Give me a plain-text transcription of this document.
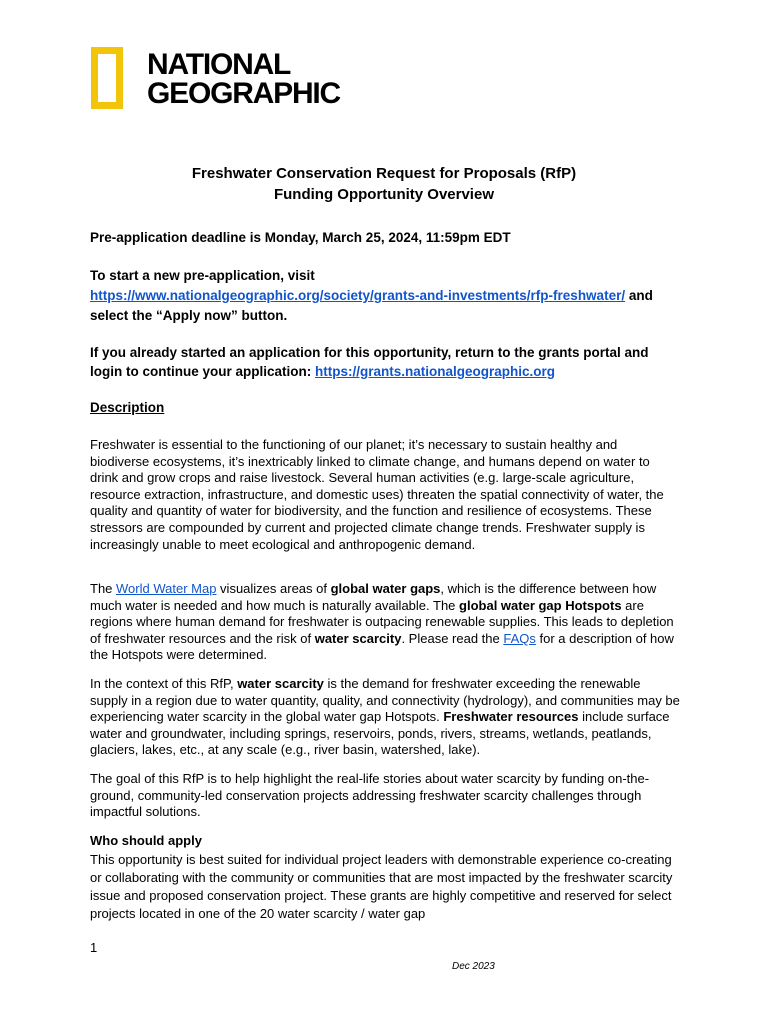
NATIONAL
GEOGRAPHIC
Freshwater Conservation Request for Proposals (RfP)
Funding Opportunity Overview
Pre-application deadline is Monday, March 25, 2024, 11:59pm EDT
To start a new pre-application, visit
https://www.nationalgeographic.org/society/grants-and-investments/rfp-freshwater/ and
select the “Apply now” button.
If you already started an application for this opportunity, return to the grants portal and login to continue your application: https://grants.nationalgeographic.org
Description
Freshwater is essential to the functioning of our planet; it’s necessary to sustain healthy and biodiverse ecosystems, it’s inextricably linked to climate change, and humans depend on water to drink and grow crops and raise livestock. Several human activities (e.g. large-scale agriculture, resource extraction, infrastructure, and domestic uses) threaten the spatial connectivity of water, the quality and quantity of water for biodiversity, and the function and resilience of ecosystems. These stressors are compounded by current and projected climate change trends. Freshwater supply is increasingly unable to meet ecological and anthropogenic demand.
The World Water Map visualizes areas of global water gaps, which is the difference between how much water is needed and how much is naturally available. The global water gap Hotspots are regions where human demand for freshwater is outpacing renewable supplies. This leads to depletion of freshwater resources and the risk of water scarcity. Please read the FAQs for a description of how the Hotspots were determined.
In the context of this RfP, water scarcity is the demand for freshwater exceeding the renewable supply in a region due to water quantity, quality, and connectivity (hydrology), and communities may be experiencing water scarcity in the global water gap Hotspots. Freshwater resources include surface water and groundwater, including springs, reservoirs, ponds, rivers, streams, wetlands, peatlands, glaciers, lakes, etc., at any scale (e.g., river basin, watershed, lake).
The goal of this RfP is to help highlight the real-life stories about water scarcity by funding on-the-ground, community-led conservation projects addressing freshwater scarcity challenges through impactful solutions.
Who should apply
This opportunity is best suited for individual project leaders with demonstrable experience co-creating or collaborating with the community or communities that are most impacted by the freshwater scarcity issue and proposed conservation project. These grants are highly competitive and reserved for select projects located in one of the 20 water scarcity / water gap
1
Dec 2023
